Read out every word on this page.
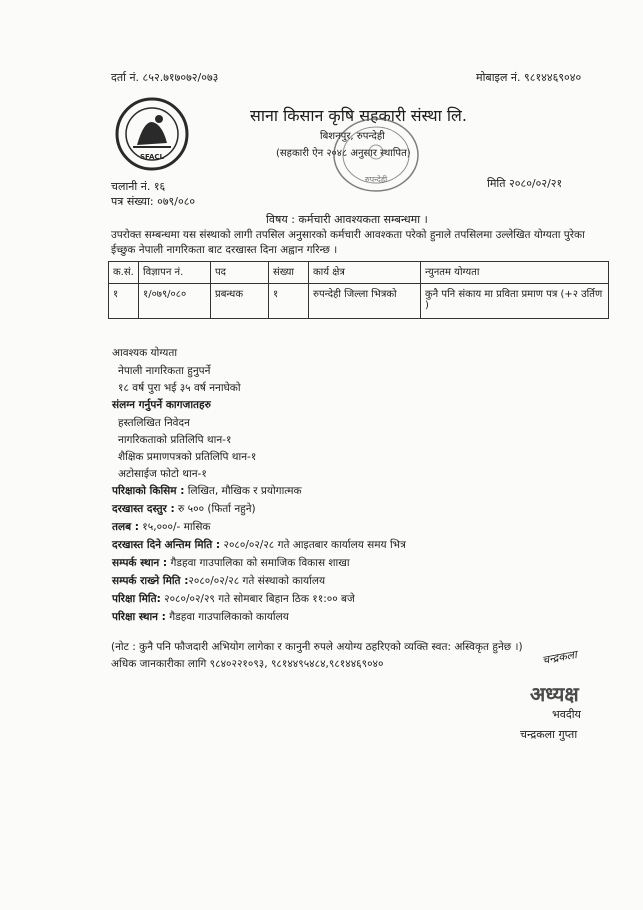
दर्ता नं. ८५२.७१७०७२/०७३	मोबाइल नं. ९८१४४६९०४०
SFACL
साना किसान कृषि सहकारी संस्था लि.
बिशनपुर, रुपन्देही
(सहकारी ऐन २०४८ अनुसार स्थापित)
रुपन्देही
चलानी नं. १६
पत्र संख्या: ०७९/०८०
मिति २०८०/०२/२१
विषय : कर्मचारी आवश्यकता सम्बन्धमा ।
उपरोक्त सम्बन्धमा यस संस्थाको लागी तपसिल अनुसारको कर्मचारी आवश्कता परेको हुनाले तपसिलमा उल्लेखित योग्यता पुरेका ईच्छुक नेपाली नागरिकता बाट दरखास्त दिना अह्वान गरिन्छ ।
क.सं.	विज्ञापन नं.	पद	संख्या	कार्य क्षेत्र	न्युनतम योग्यता
१	१/०७९/०८०	प्रबन्धक	१	रुपन्देही जिल्ला भित्रको	कुनै पनि संकाय मा प्रविता प्रमाण पत्र (+२ उर्तिण )
आवश्यक योग्यता
नेपाली नागरिकता हुनुपर्ने
१८ वर्ष पुरा भई ३५ वर्ष ननाघेको
संलग्न गर्नुपर्ने कागजातहरु
हस्तलिखित निवेदन
नागरिकताको प्रतिलिपि थान-१
शैक्षिक प्रमाणपत्रको प्रतिलिपि थान-१
अटोसाईज फोटो थान-१
परिक्षाको किसिम : लिखित, मौखिक र प्रयोगात्मक
दरखास्त दस्तुर : रु ५०० (फिर्ता नहुने)
तलब : १५,०००/- मासिक
दरखास्त दिने अन्तिम मिति : २०८०/०२/२८ गते आइतबार कार्यालय समय भित्र
सम्पर्क स्थान : गैडहवा गाउपालिका को समाजिक विकास शाखा
सम्पर्क राख्ने मिति :२०८०/०२/२८ गते संस्थाको कार्यालय
परिक्षा मिति: २०८०/०२/२९ गते सोमबार बिहान ठिक ११:०० बजे
परिक्षा स्थान : गैडहवा गाउपालिकाको कार्यालय
(नोट : कुनै पनि फौजदारी अभियोग लागेका र कानुनी रुपले अयोग्य ठहरिएको व्यक्ति स्वत: अस्विकृत हुनेछ ।)
अधिक जानकारीका लागि ९८४०२२१०९३, ९८१४४९५४८४,९८१४४६९०४०	चन्द्रकला
अध्यक्ष
भवदीय
चन्द्रकला गुप्ता
